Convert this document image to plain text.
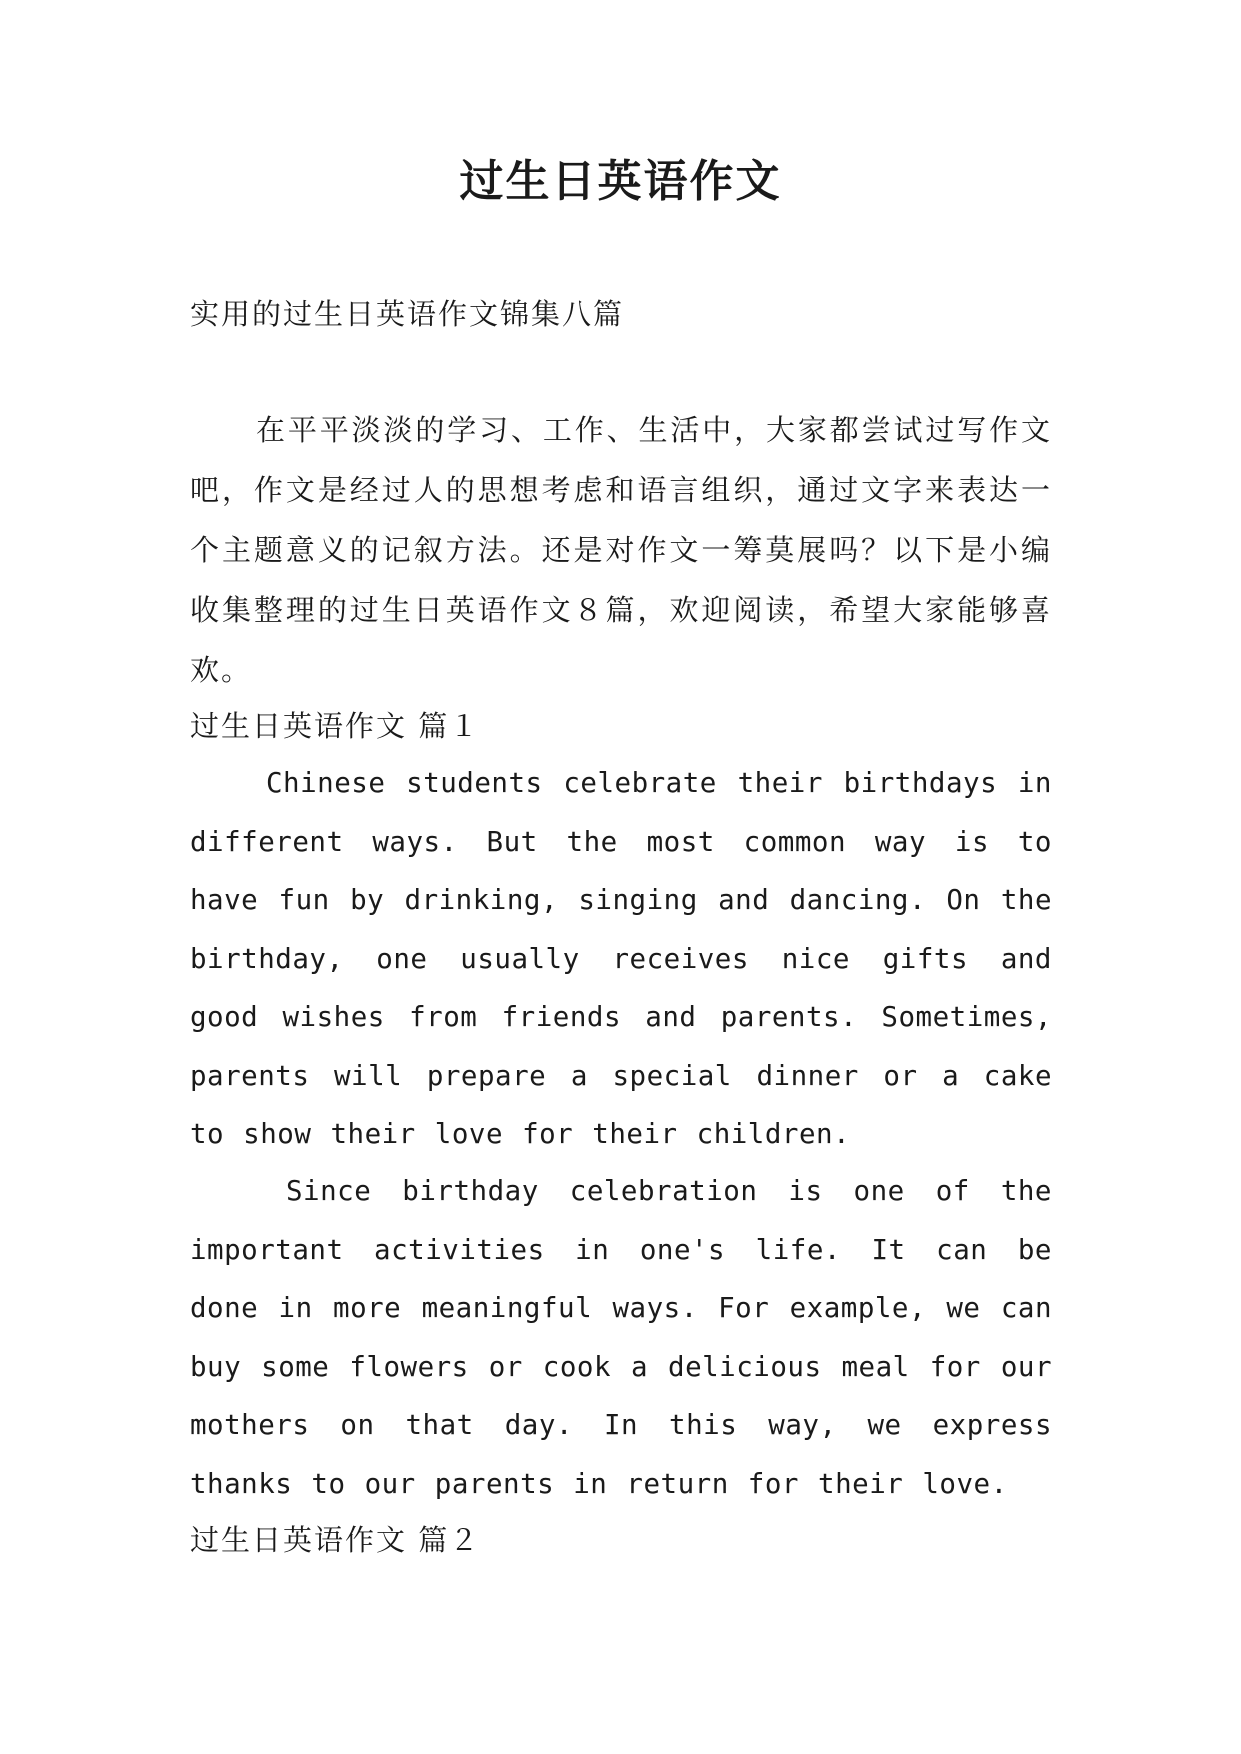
过生日英语作文

实用的过生日英语作文锦集八篇

在平平淡淡的学习、工作、生活中，大家都尝试过写作文吧，作文是经过人的思想考虑和语言组织，通过文字来表达一个主题意义的记叙方法。还是对作文一筹莫展吗？以下是小编收集整理的过生日英语作文８篇，欢迎阅读，希望大家能够喜欢。

过生日英语作文 篇１

Chinese students celebrate their birthdays in different ways. But the most common way is to have fun by drinking, singing and dancing. On the birthday, one usually receives nice gifts and good wishes from friends and parents. Sometimes, parents will prepare a special dinner or a cake to show their love for their children.

Since birthday celebration is one of the important activities in one's life. It can be done in more meaningful ways. For example, we can buy some flowers or cook a delicious meal for our mothers on that day. In this way, we express thanks to our parents in return for their love.

过生日英语作文 篇２
